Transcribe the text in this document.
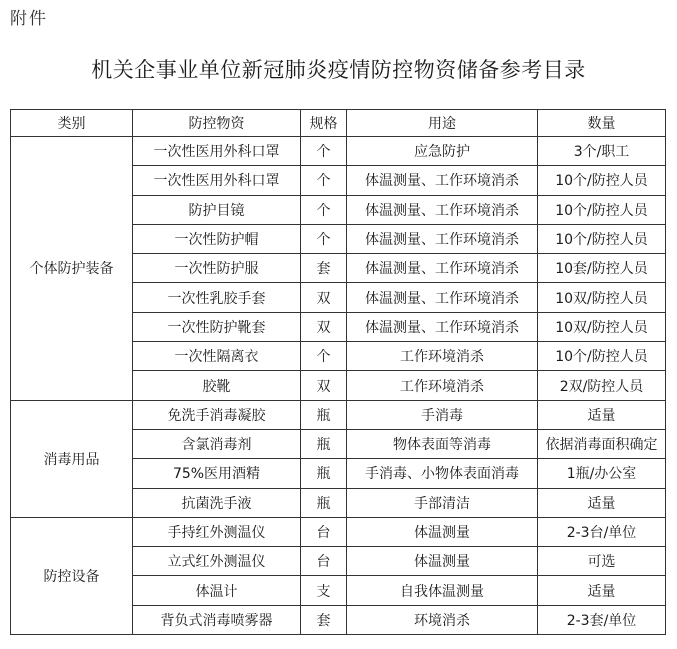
附件
机关企事业单位新冠肺炎疫情防控物资储备参考目录
类别	防控物资	规格	用途	数量
个体防护装备	一次性医用外科口罩	个	应急防护	3个/职工
	一次性医用外科口罩	个	体温测量、工作环境消杀	10个/防控人员
	防护目镜	个	体温测量、工作环境消杀	10个/防控人员
	一次性防护帽	个	体温测量、工作环境消杀	10个/防控人员
	一次性防护服	套	体温测量、工作环境消杀	10套/防控人员
	一次性乳胶手套	双	体温测量、工作环境消杀	10双/防控人员
	一次性防护靴套	双	体温测量、工作环境消杀	10双/防控人员
	一次性隔离衣	个	工作环境消杀	10个/防控人员
	胶靴	双	工作环境消杀	2双/防控人员
消毒用品	免洗手消毒凝胶	瓶	手消毒	适量
	含氯消毒剂	瓶	物体表面等消毒	依据消毒面积确定
	75%医用酒精	瓶	手消毒、小物体表面消毒	1瓶/办公室
	抗菌洗手液	瓶	手部清洁	适量
防控设备	手持红外测温仪	台	体温测量	2-3台/单位
	立式红外测温仪	台	体温测量	可选
	体温计	支	自我体温测量	适量
	背负式消毒喷雾器	套	环境消杀	2-3套/单位
